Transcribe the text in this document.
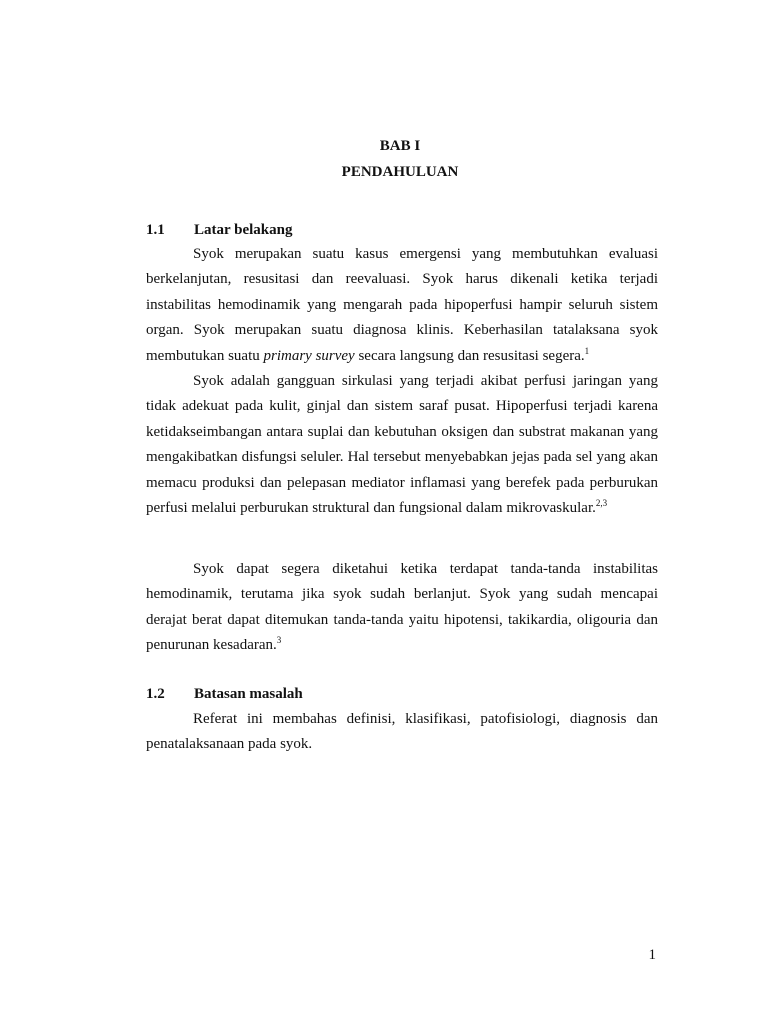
BAB I
PENDAHULUAN
1.1 Latar belakang

Syok merupakan suatu kasus emergensi yang membutuhkan evaluasi berkelanjutan, resusitasi dan reevaluasi. Syok harus dikenali ketika terjadi instabilitas hemodinamik yang mengarah pada hipoperfusi hampir seluruh sistem organ. Syok merupakan suatu diagnosa klinis. Keberhasilan tatalaksana syok membutukan suatu primary survey secara langsung dan resusitasi segera.$^1$

Syok adalah gangguan sirkulasi yang terjadi akibat perfusi jaringan yang tidak adekuat pada kulit, ginjal dan sistem saraf pusat. Hipoperfusi terjadi karena ketidakseimbangan antara suplai dan kebutuhan oksigen dan substrat makanan yang mengakibatkan disfungsi seluler. Hal tersebut menyebabkan jejas pada sel yang akan memacu produksi dan pelepasan mediator inflamasi yang berefek pada perburukan perfusi melalui perburukan struktural dan fungsional dalam mikrovaskular.$^{2,3}$

Syok dapat segera diketahui ketika terdapat tanda-tanda instabilitas hemodinamik, terutama jika syok sudah berlanjut. Syok yang sudah mencapai derajat berat dapat ditemukan tanda-tanda yaitu hipotensi, takikardia, oligouria dan penurunan kesadaran.$^3$

1.2 Batasan masalah

Referat ini membahas definisi, klasifikasi, patofisiologi, diagnosis dan penatalaksanaan pada syok.

1
